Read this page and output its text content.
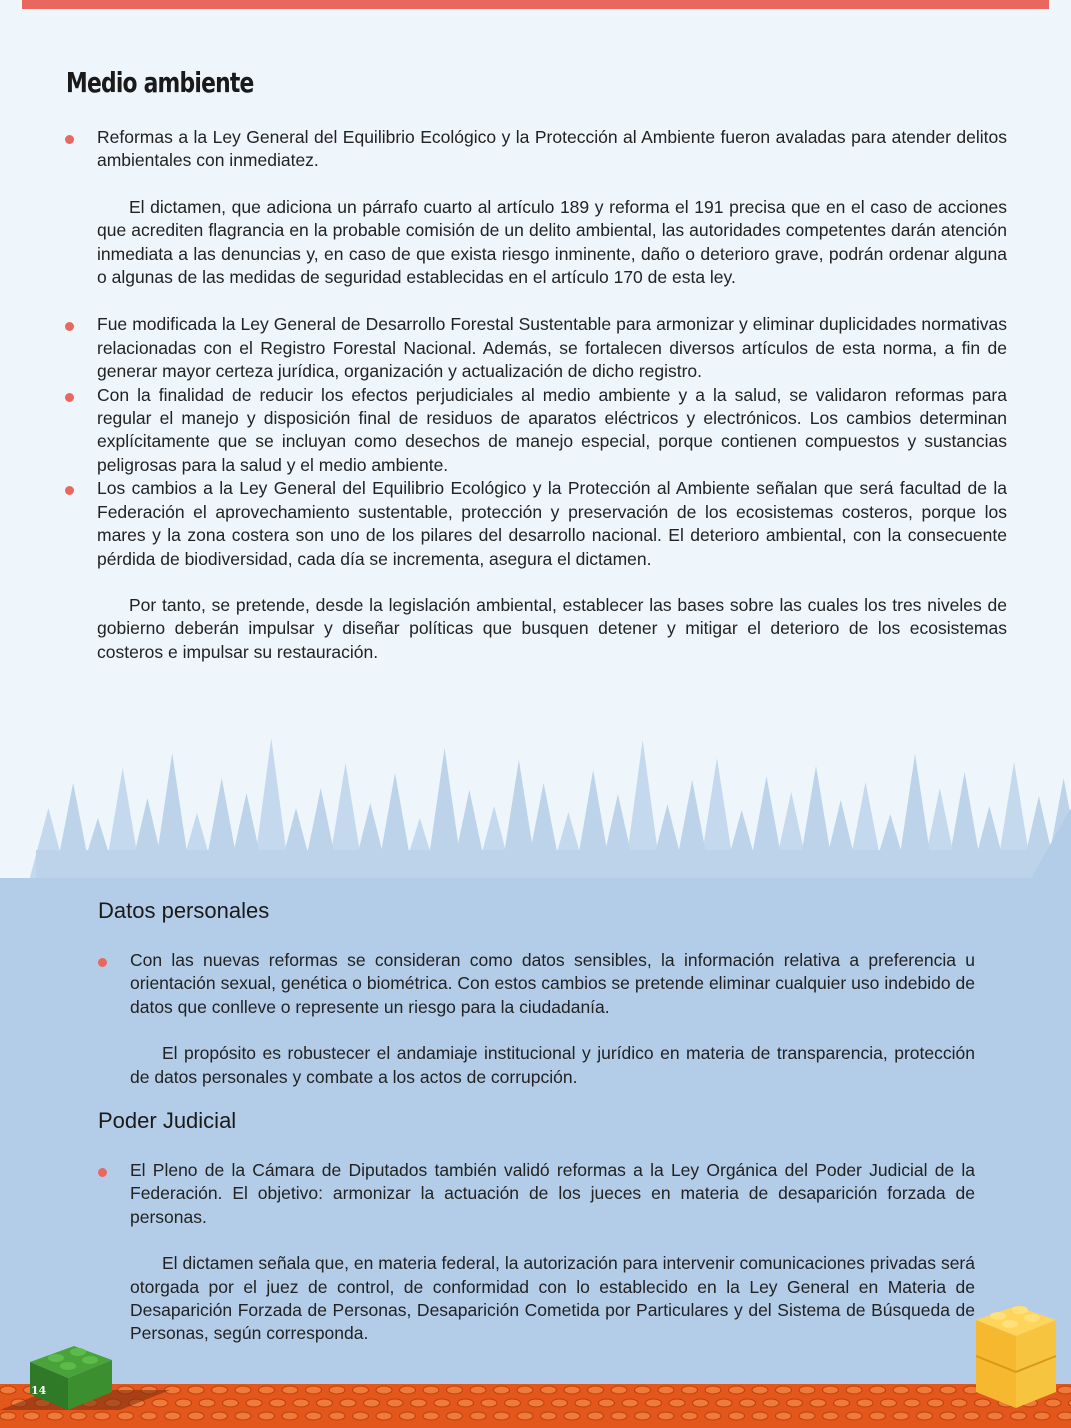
Medio ambiente

Reformas a la Ley General del Equilibrio Ecológico y la Protección al Ambiente fueron avaladas para atender delitos ambientales con inmediatez.

El dictamen, que adiciona un párrafo cuarto al artículo 189 y reforma el 191 precisa que en el caso de acciones que acrediten flagrancia en la probable comisión de un delito ambiental, las autoridades competentes darán atención inmediata a las denuncias y, en caso de que exista riesgo inminente, daño o deterioro grave, podrán ordenar alguna o algunas de las medidas de seguridad establecidas en el artículo 170 de esta ley.

Fue modificada la Ley General de Desarrollo Forestal Sustentable para armonizar y eliminar duplicidades normativas relacionadas con el Registro Forestal Nacional. Además, se fortalecen diversos artículos de esta norma, a fin de generar mayor certeza jurídica, organización y actualización de dicho registro.

Con la finalidad de reducir los efectos perjudiciales al medio ambiente y a la salud, se validaron reformas para regular el manejo y disposición final de residuos de aparatos eléctricos y electrónicos. Los cambios determinan explícitamente que se incluyan como desechos de manejo especial, porque contienen compuestos y sustancias peligrosas para la salud y el medio ambiente.

Los cambios a la Ley General del Equilibrio Ecológico y la Protección al Ambiente señalan que será facultad de la Federación el aprovechamiento sustentable, protección y preservación de los ecosistemas costeros, porque los mares y la zona costera son uno de los pilares del desarrollo nacional. El deterioro ambiental, con la consecuente pérdida de biodiversidad, cada día se incrementa, asegura el dictamen.

Por tanto, se pretende, desde la legislación ambiental, establecer las bases sobre las cuales los tres niveles de gobierno deberán impulsar y diseñar políticas que busquen detener y mitigar el deterioro de los ecosistemas costeros e impulsar su restauración.

Datos personales

Con las nuevas reformas se consideran como datos sensibles, la información relativa a preferencia u orientación sexual, genética o biométrica. Con estos cambios se pretende eliminar cualquier uso indebido de datos que conlleve o represente un riesgo para la ciudadanía.

El propósito es robustecer el andamiaje institucional y jurídico en materia de transparencia, protección de datos personales y combate a los actos de corrupción.

Poder Judicial

El Pleno de la Cámara de Diputados también validó reformas a la Ley Orgánica del Poder Judicial de la Federación. El objetivo: armonizar la actuación de los jueces en materia de desaparición forzada de personas.

El dictamen señala que, en materia federal, la autorización para intervenir comunicaciones privadas será otorgada por el juez de control, de conformidad con lo establecido en la Ley General en Materia de Desaparición Forzada de Personas, Desaparición Cometida por Particulares y del Sistema de Búsqueda de Personas, según corresponda.

14
